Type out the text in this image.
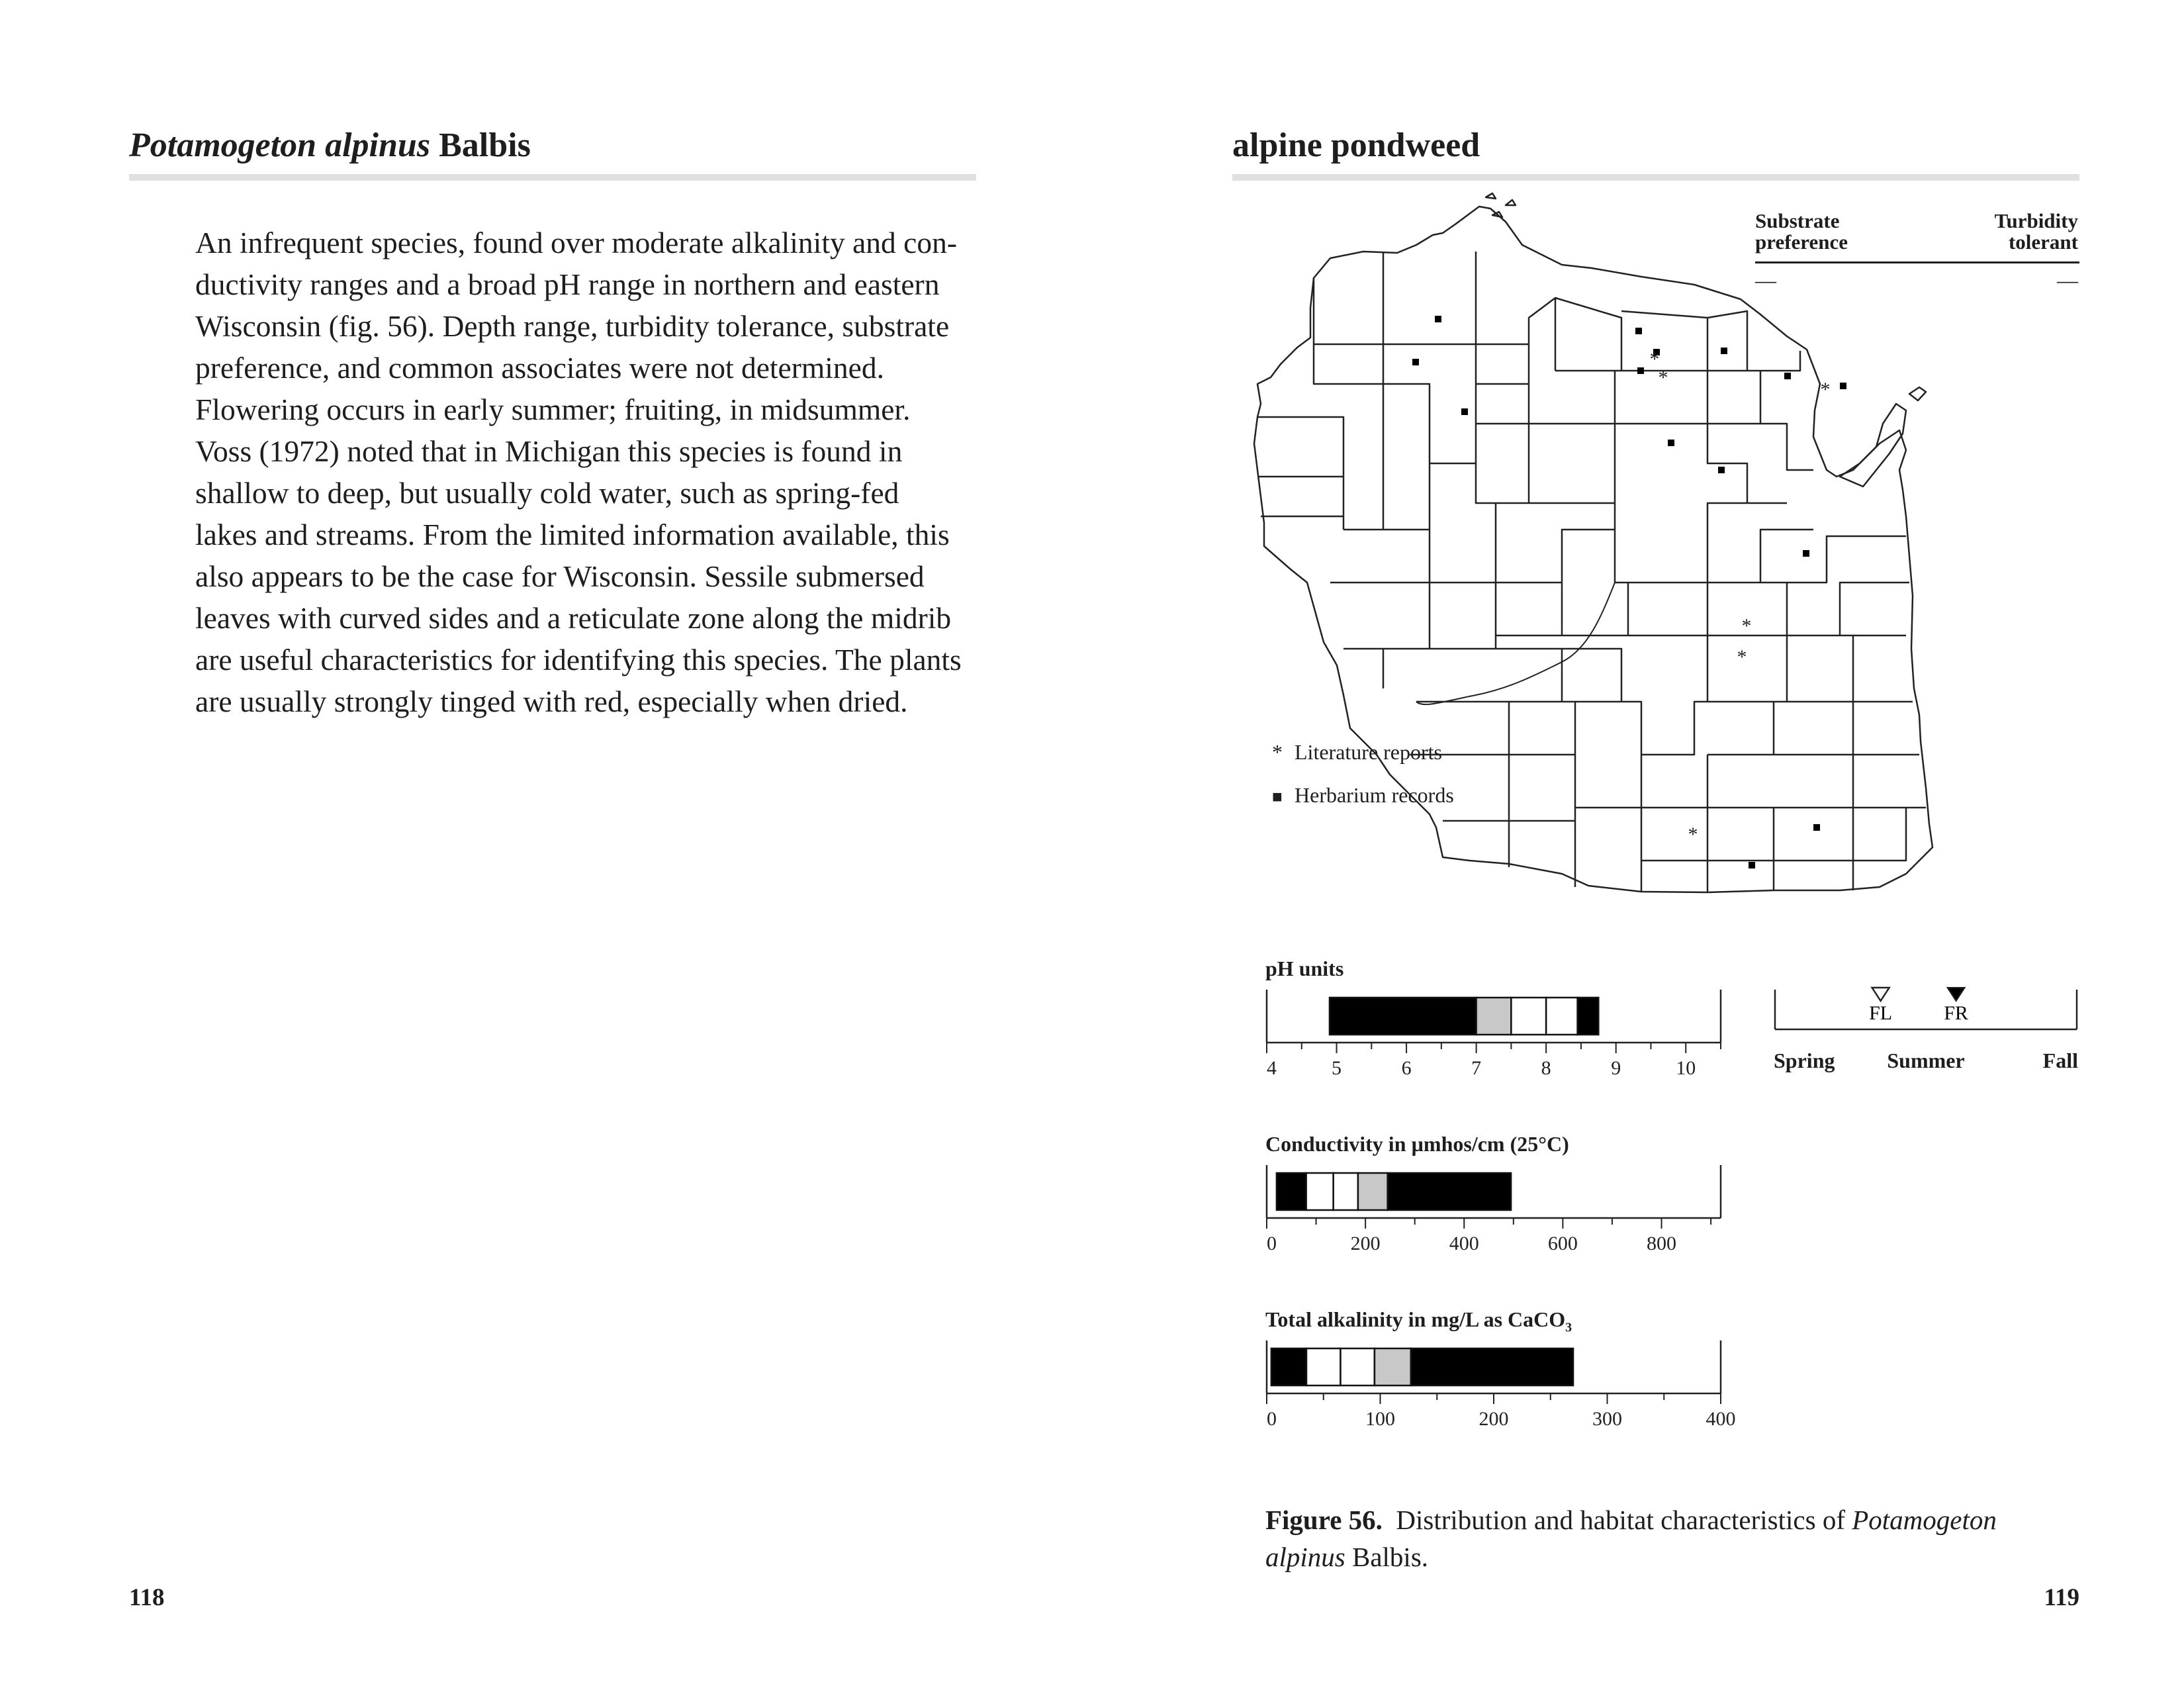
Potamogeton alpinus Balbis

An infrequent species, found over moderate alkalinity and con-

ductivity ranges and a broad pH range in northern and eastern

Wisconsin (fig. 56). Depth range, turbidity tolerance, substrate

preference, and common associates were not determined.

Flowering occurs in early summer; fruiting, in midsummer.

Voss (1972) noted that in Michigan this species is found in

shallow to deep, but usually cold water, such as spring-fed

lakes and streams. From the limited information available, this

also appears to be the case for Wisconsin. Sessile submersed

leaves with curved sides and a reticulate zone along the midrib

are useful characteristics for identifying this species. The plants

are usually strongly tinged with red, especially when dried.

118
alpine pondweed
Substrate
preference
Turbidity
tolerant
—	—
*
*
*
*
*
*
* Literature reports
■ Herbarium records
pH units
4	5	6	7	8	9	10
Conductivity in µmhos/cm (25°C)
0	200	400	600	800
Total alkalinity in mg/L as CaCO$_3$
0	100	200	300	400
FL	FR
Spring	Summer	Fall
Figure 56. Distribution and habitat characteristics of Potamogeton alpinus Balbis.
119
